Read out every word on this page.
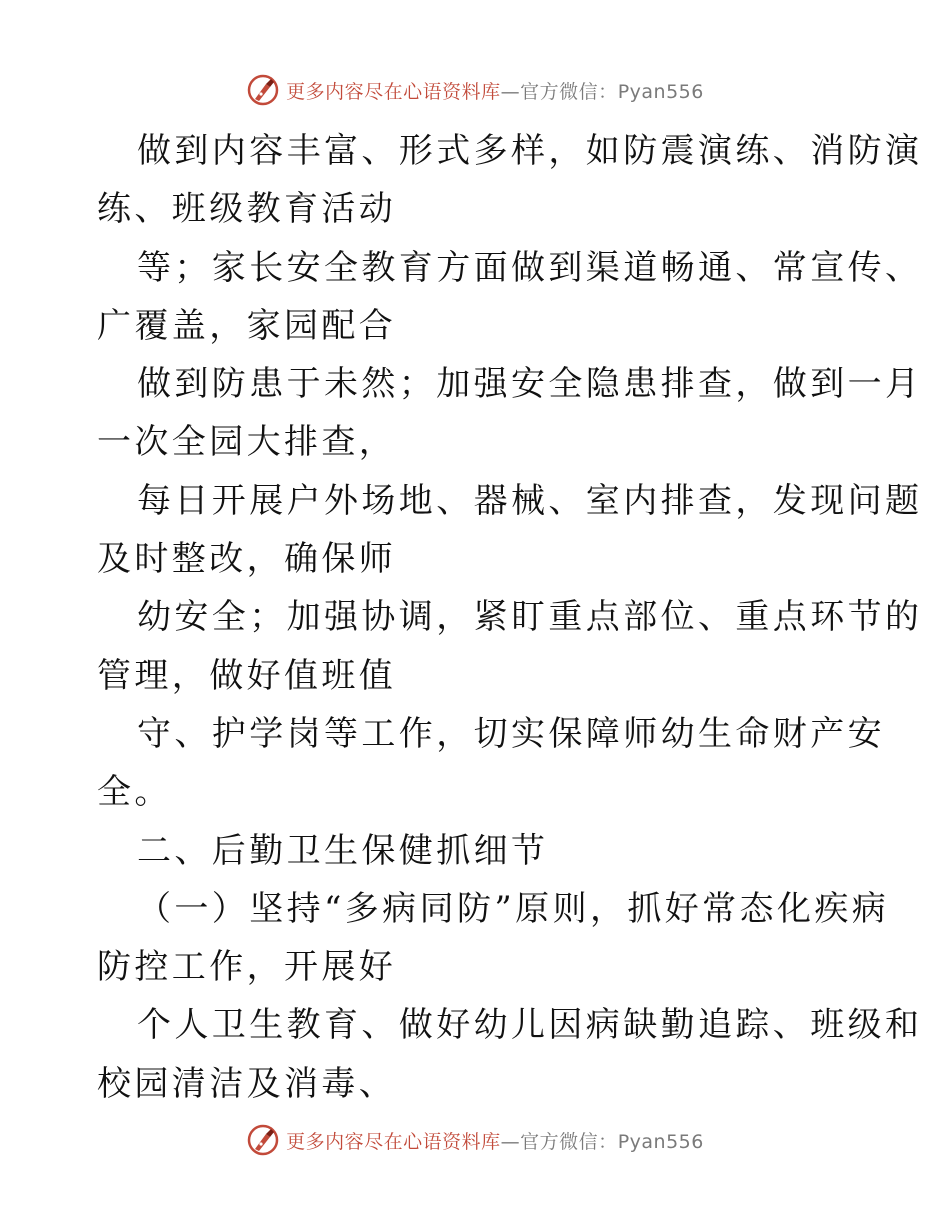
更多内容尽在心语资料库—官方微信：Pyan556
做到内容丰富、形式多样，如防震演练、消防演
练、班级教育活动
等；家长安全教育方面做到渠道畅通、常宣传、
广覆盖，家园配合
做到防患于未然；加强安全隐患排查，做到一月
一次全园大排查，
每日开展户外场地、器械、室内排查，发现问题
及时整改，确保师
幼安全；加强协调，紧盯重点部位、重点环节的
管理，做好值班值
守、护学岗等工作，切实保障师幼生命财产安
全。
二、后勤卫生保健抓细节
（一）坚持“多病同防”原则，抓好常态化疾病
防控工作，开展好
个人卫生教育、做好幼儿因病缺勤追踪、班级和
校园清洁及消毒、
更多内容尽在心语资料库—官方微信：Pyan556
